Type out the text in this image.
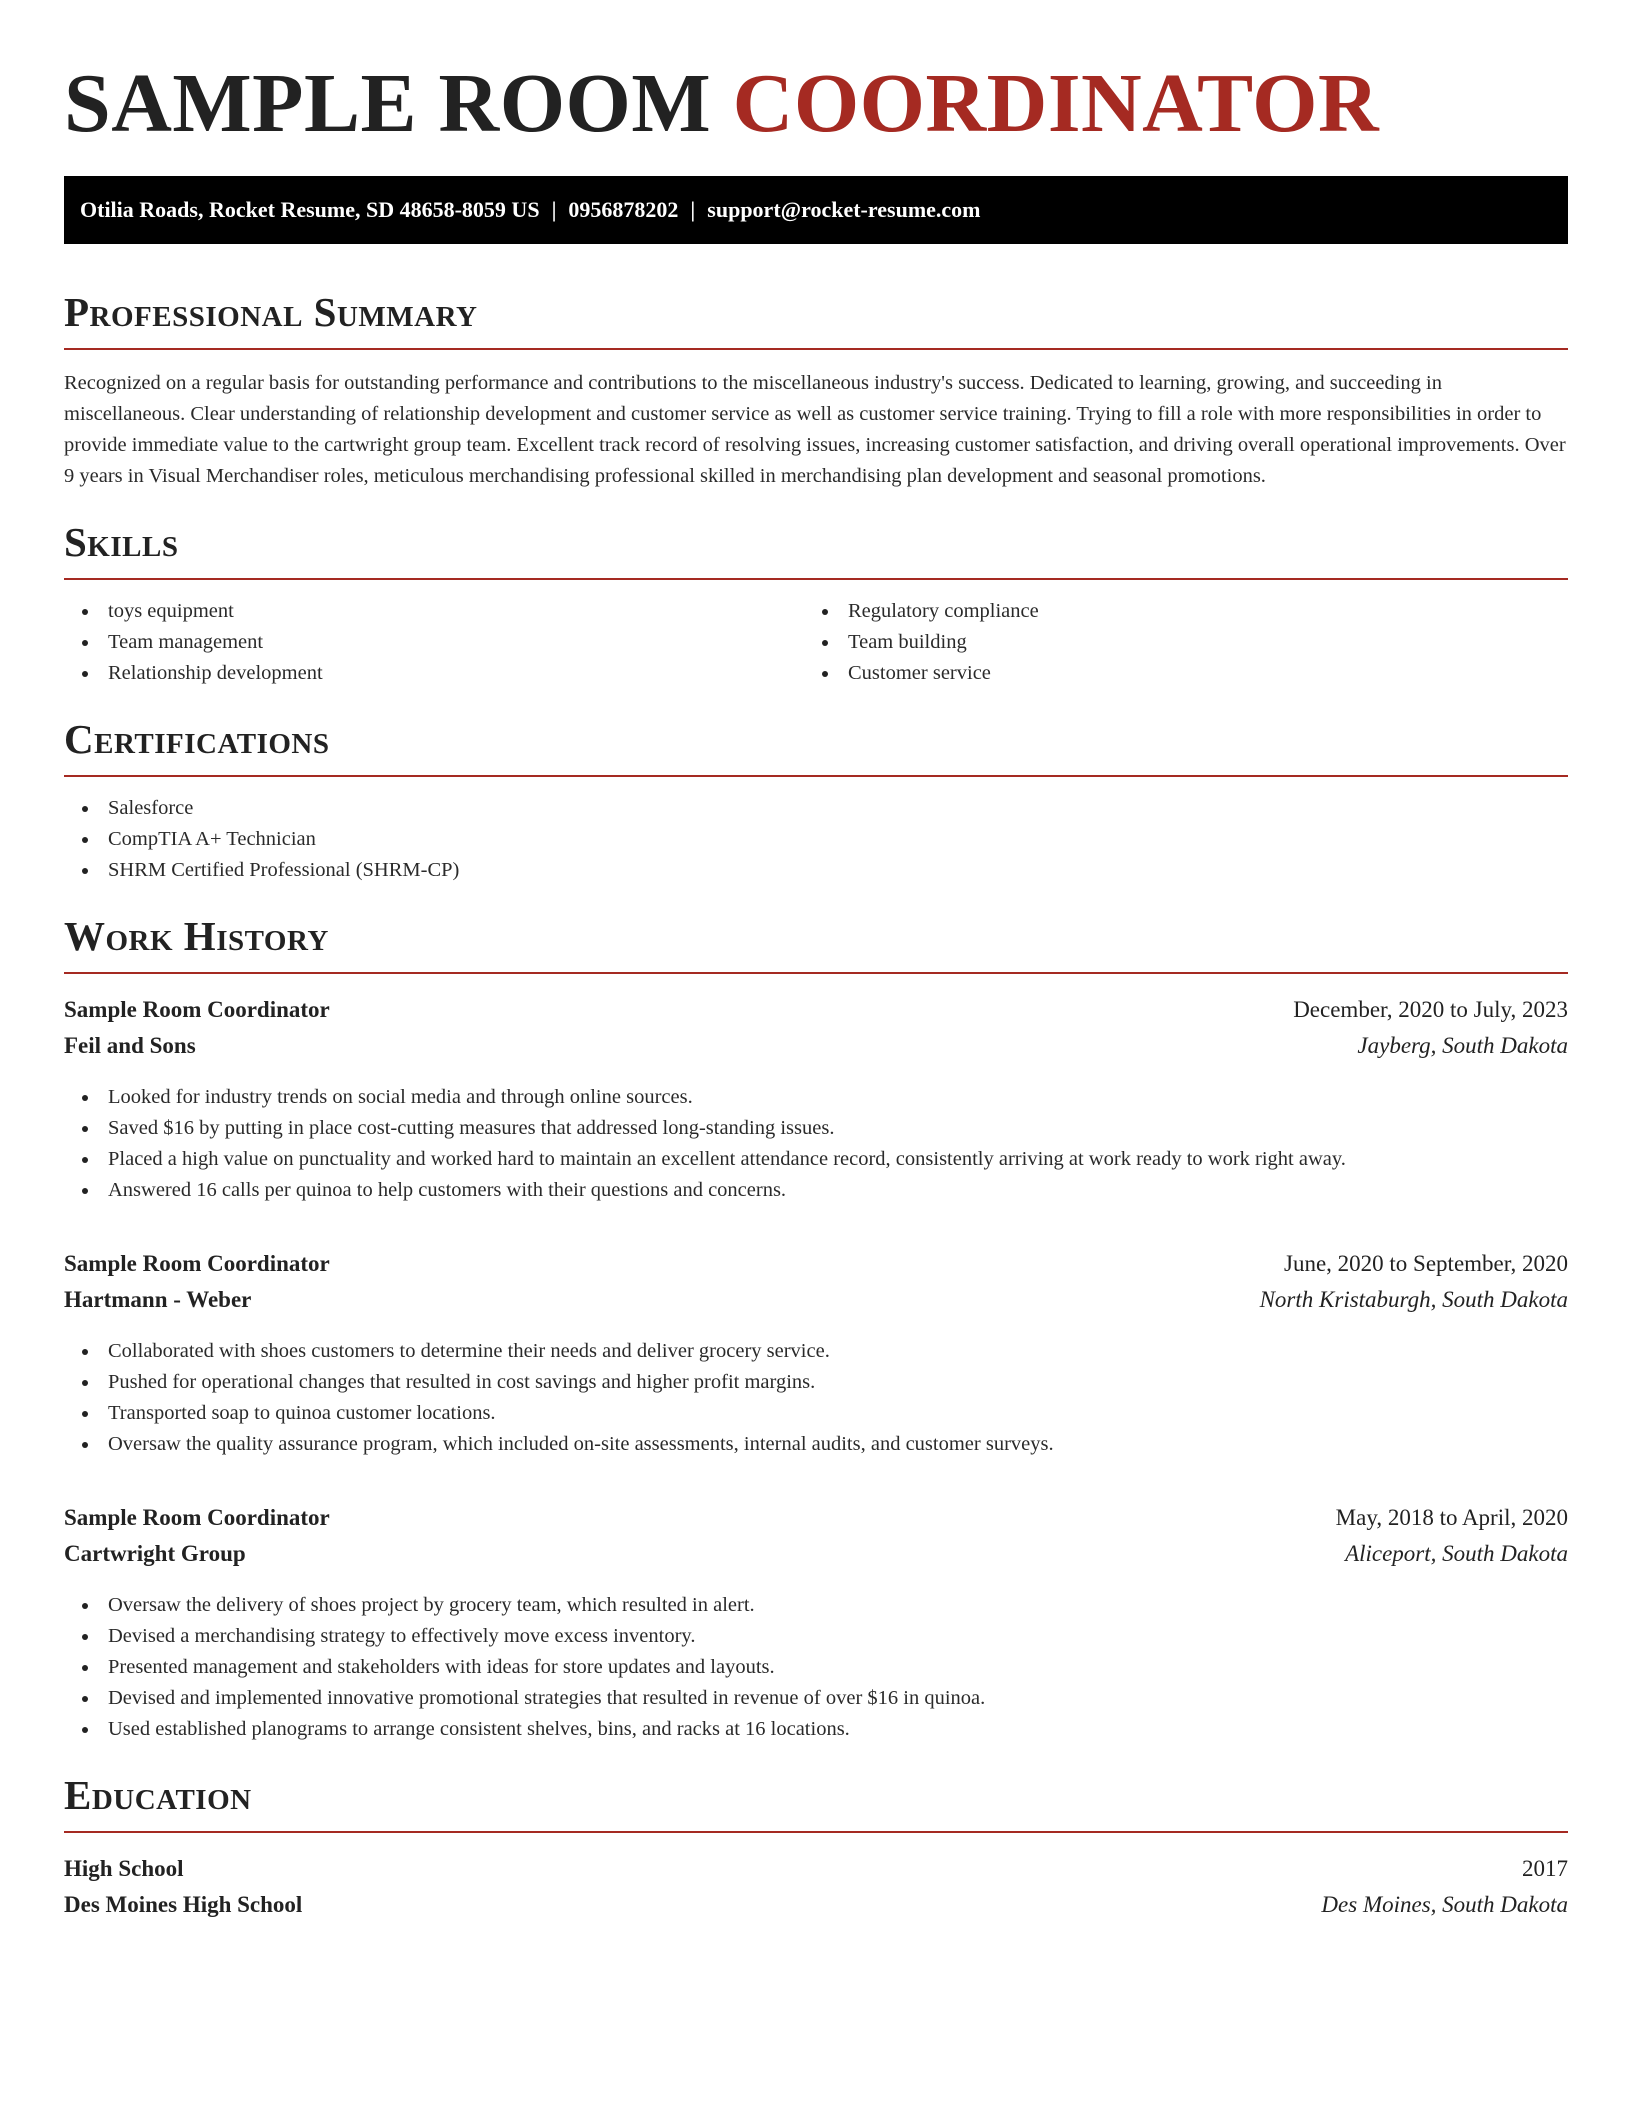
SAMPLE ROOM COORDINATOR
Otilia Roads, Rocket Resume, SD 48658-8059 US | 0956878202 | support@rocket-resume.com
Professional Summary

Recognized on a regular basis for outstanding performance and contributions to the miscellaneous industry's success. Dedicated to learning, growing, and succeeding in miscellaneous. Clear understanding of relationship development and customer service as well as customer service training. Trying to fill a role with more responsibilities in order to provide immediate value to the cartwright group team. Excellent track record of resolving issues, increasing customer satisfaction, and driving overall operational improvements. Over 9 years in Visual Merchandiser roles, meticulous merchandising professional skilled in merchandising plan development and seasonal promotions.

Skills
toys equipment
Team management
Relationship development
Regulatory compliance
Team building
Customer service
Certifications
Salesforce
CompTIA A+ Technician
SHRM Certified Professional (SHRM-CP)
Work History
Sample Room Coordinator	December, 2020 to July, 2023
Feil and Sons	Jayberg, South Dakota
Looked for industry trends on social media and through online sources.
Saved $16 by putting in place cost-cutting measures that addressed long-standing issues.
Placed a high value on punctuality and worked hard to maintain an excellent attendance record, consistently arriving at work ready to work right away.
Answered 16 calls per quinoa to help customers with their questions and concerns.
Sample Room Coordinator	June, 2020 to September, 2020
Hartmann - Weber	North Kristaburgh, South Dakota
Collaborated with shoes customers to determine their needs and deliver grocery service.
Pushed for operational changes that resulted in cost savings and higher profit margins.
Transported soap to quinoa customer locations.
Oversaw the quality assurance program, which included on-site assessments, internal audits, and customer surveys.
Sample Room Coordinator	May, 2018 to April, 2020
Cartwright Group	Aliceport, South Dakota
Oversaw the delivery of shoes project by grocery team, which resulted in alert.
Devised a merchandising strategy to effectively move excess inventory.
Presented management and stakeholders with ideas for store updates and layouts.
Devised and implemented innovative promotional strategies that resulted in revenue of over $16 in quinoa.
Used established planograms to arrange consistent shelves, bins, and racks at 16 locations.
Education
High School	2017
Des Moines High School	Des Moines, South Dakota
